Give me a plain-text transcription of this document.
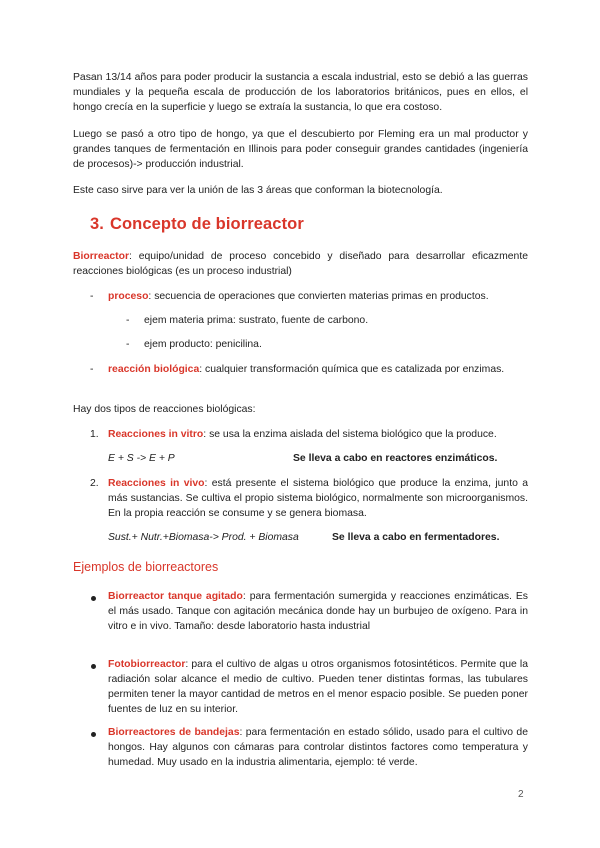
Pasan 13/14 años para poder producir la sustancia a escala industrial, esto se debió a las guerras mundiales y la pequeña escala de producción de los laboratorios británicos, pues en ellos, el hongo crecía en la superficie y luego se extraía la sustancia, lo que era costoso.

Luego se pasó a otro tipo de hongo, ya que el descubierto por Fleming era un mal productor y grandes tanques de fermentación en Illinois para poder conseguir grandes cantidades (ingeniería de procesos)-> producción industrial.

Este caso sirve para ver la unión de las 3 áreas que conforman la biotecnología.

3. Concepto de biorreactor

Biorreactor: equipo/unidad de proceso concebido y diseñado para desarrollar eficazmente reacciones biológicas (es un proceso industrial)

- proceso: secuencia de operaciones que convierten materias primas en productos.

- ejem materia prima: sustrato, fuente de carbono.

- ejem producto: penicilina.

- reacción biológica: cualquier transformación química que es catalizada por enzimas.

Hay dos tipos de reacciones biológicas:

1. Reacciones in vitro: se usa la enzima aislada del sistema biológico que la produce.

E + S -> E + P	Se lleva a cabo en reactores enzimáticos.
2. Reacciones in vivo: está presente el sistema biológico que produce la enzima, junto a más sustancias. Se cultiva el propio sistema biológico, normalmente son microorganismos. En la propia reacción se consume y se genera biomasa.

Sust.+ Nutr.+Biomasa-> Prod. + Biomasa	Se lleva a cabo en fermentadores.
Ejemplos de biorreactores

Biorreactor tanque agitado: para fermentación sumergida y reacciones enzimáticas. Es el más usado. Tanque con agitación mecánica donde hay un burbujeo de oxígeno. Para in vitro e in vivo. Tamaño: desde laboratorio hasta industrial

Fotobiorreactor: para el cultivo de algas u otros organismos fotosintéticos. Permite que la radiación solar alcance el medio de cultivo. Pueden tener distintas formas, las tubulares permiten tener la mayor cantidad de metros en el menor espacio posible. Se pueden poner fuentes de luz en su interior.

Biorreactores de bandejas: para fermentación en estado sólido, usado para el cultivo de hongos. Hay algunos con cámaras para controlar distintos factores como temperatura y humedad. Muy usado en la industria alimentaria, ejemplo: té verde.

2
